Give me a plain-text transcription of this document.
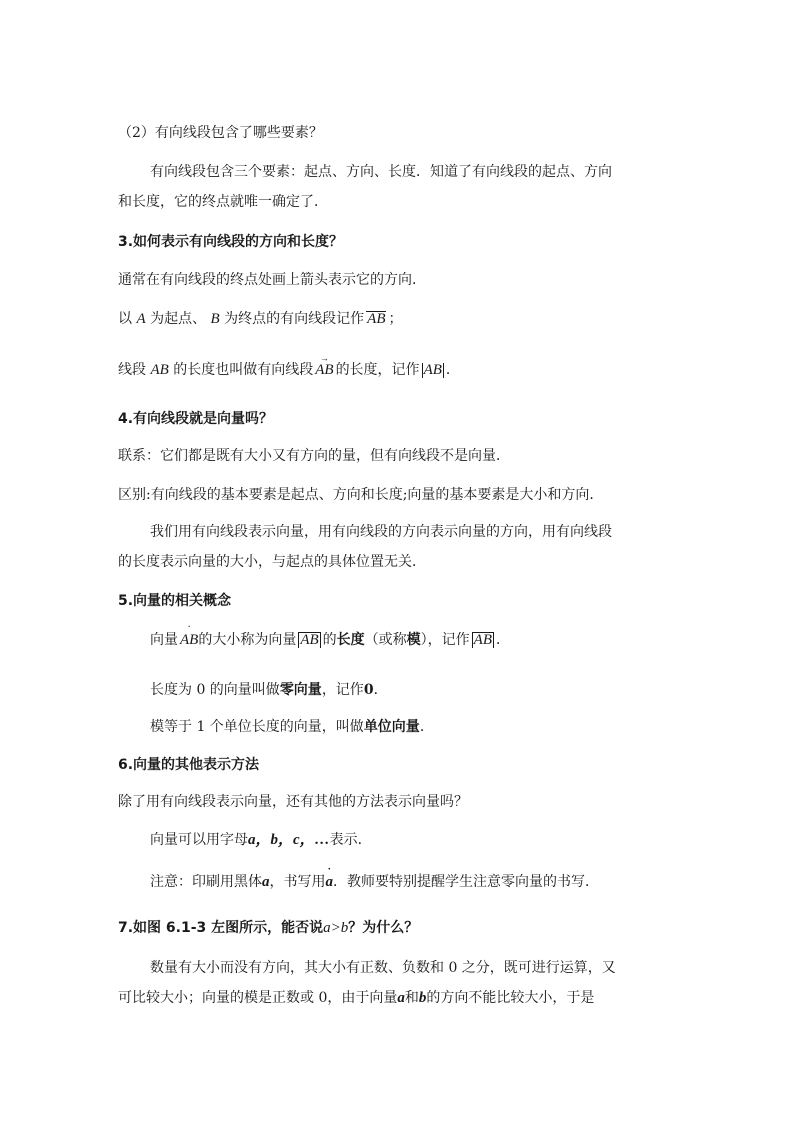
（2）有向线段包含了哪些要素？
有向线段包含三个要素：起点、方向、长度．知道了有向线段的起点、方向
和长度，它的终点就唯一确定了．
3.如何表示有向线段的方向和长度？
通常在有向线段的终点处画上箭头表示它的方向．
以 A 为起点、 B 为终点的有向线段记作 AB ；
线段 AB 的长度也叫做有向线段
→
AB 的长度，记作 AB ．
4.有向线段就是向量吗？
联系：它们都是既有大小又有方向的量，但有向线段不是向量．
区别:有向线段的基本要素是起点、方向和长度;向量的基本要素是大小和方向．
我们用有向线段表示向量，用有向线段的方向表示向量的方向，用有向线段
的长度表示向量的大小，与起点的具体位置无关．
5.向量的相关概念
向量
·
AB的大小称为向量 AB 的长度（或称模），记作 AB ．
长度为 0 的向量叫做零向量，记作0．
模等于 1 个单位长度的向量，叫做单位向量．
6.向量的其他表示方法
除了用有向线段表示向量，还有其他的方法表示向量吗？
向量可以用字母a，b，c，…表示．
注意：印刷用黑体a，书写用
·
a．教师要特别提醒学生注意零向量的书写．
7.如图 6.1-3 左图所示，能否说a>b？为什么？
数量有大小而没有方向，其大小有正数、负数和 0 之分，既可进行运算，又
可比较大小；向量的模是正数或 0，由于向量a和b的方向不能比较大小，于是
